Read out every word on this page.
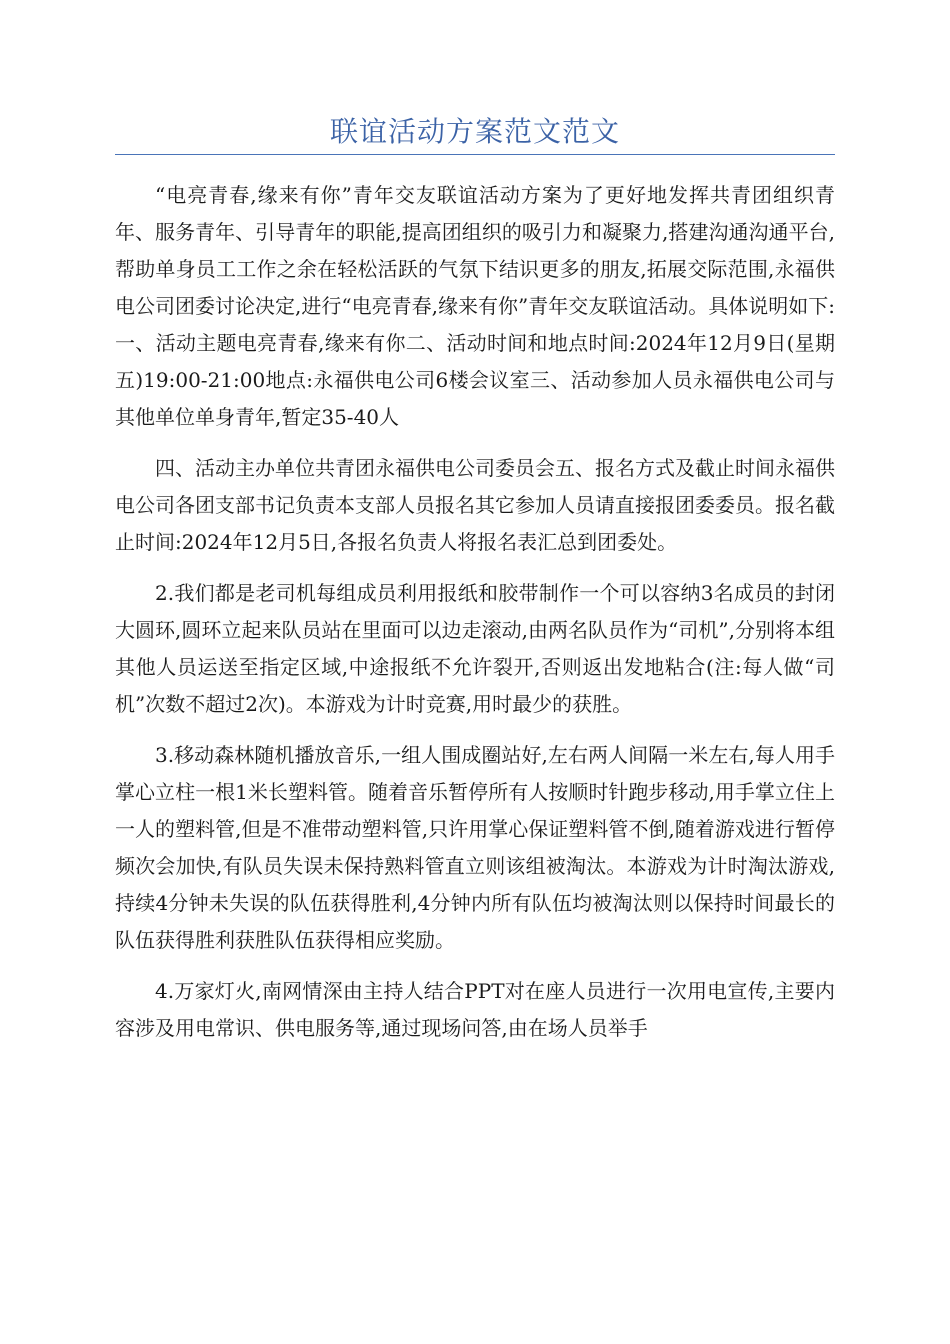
联谊活动方案范文范文

“电亮青春,缘来有你”青年交友联谊活动方案为了更好地发挥共青团组织青年、服务青年、引导青年的职能,提高团组织的吸引力和凝聚力,搭建沟通沟通平台,帮助单身员工工作之余在轻松活跃的气氛下结识更多的朋友,拓展交际范围,永福供电公司团委讨论决定,进行“电亮青春,缘来有你”青年交友联谊活动。具体说明如下:一、活动主题电亮青春,缘来有你二、活动时间和地点时间:2024年12月9日(星期五)19:00-21:00地点:永福供电公司6楼会议室三、活动参加人员永福供电公司与其他单位单身青年,暂定35-40人

四、活动主办单位共青团永福供电公司委员会五、报名方式及截止时间永福供电公司各团支部书记负责本支部人员报名其它参加人员请直接报团委委员。报名截止时间:2024年12月5日,各报名负责人将报名表汇总到团委处。

2.我们都是老司机每组成员利用报纸和胶带制作一个可以容纳3名成员的封闭大圆环,圆环立起来队员站在里面可以边走滚动,由两名队员作为“司机”,分别将本组其他人员运送至指定区域,中途报纸不允许裂开,否则返出发地粘合(注:每人做“司机”次数不超过2次)。本游戏为计时竞赛,用时最少的获胜。

3.移动森林随机播放音乐,一组人围成圈站好,左右两人间隔一米左右,每人用手掌心立柱一根1米长塑料管。随着音乐暂停所有人按顺时针跑步移动,用手掌立住上一人的塑料管,但是不准带动塑料管,只许用掌心保证塑料管不倒,随着游戏进行暂停频次会加快,有队员失误未保持熟料管直立则该组被淘汰。本游戏为计时淘汰游戏,持续4分钟未失误的队伍获得胜利,4分钟内所有队伍均被淘汰则以保持时间最长的队伍获得胜利获胜队伍获得相应奖励。

4.万家灯火,南网情深由主持人结合PPT对在座人员进行一次用电宣传,主要内容涉及用电常识、供电服务等,通过现场问答,由在场人员举手
